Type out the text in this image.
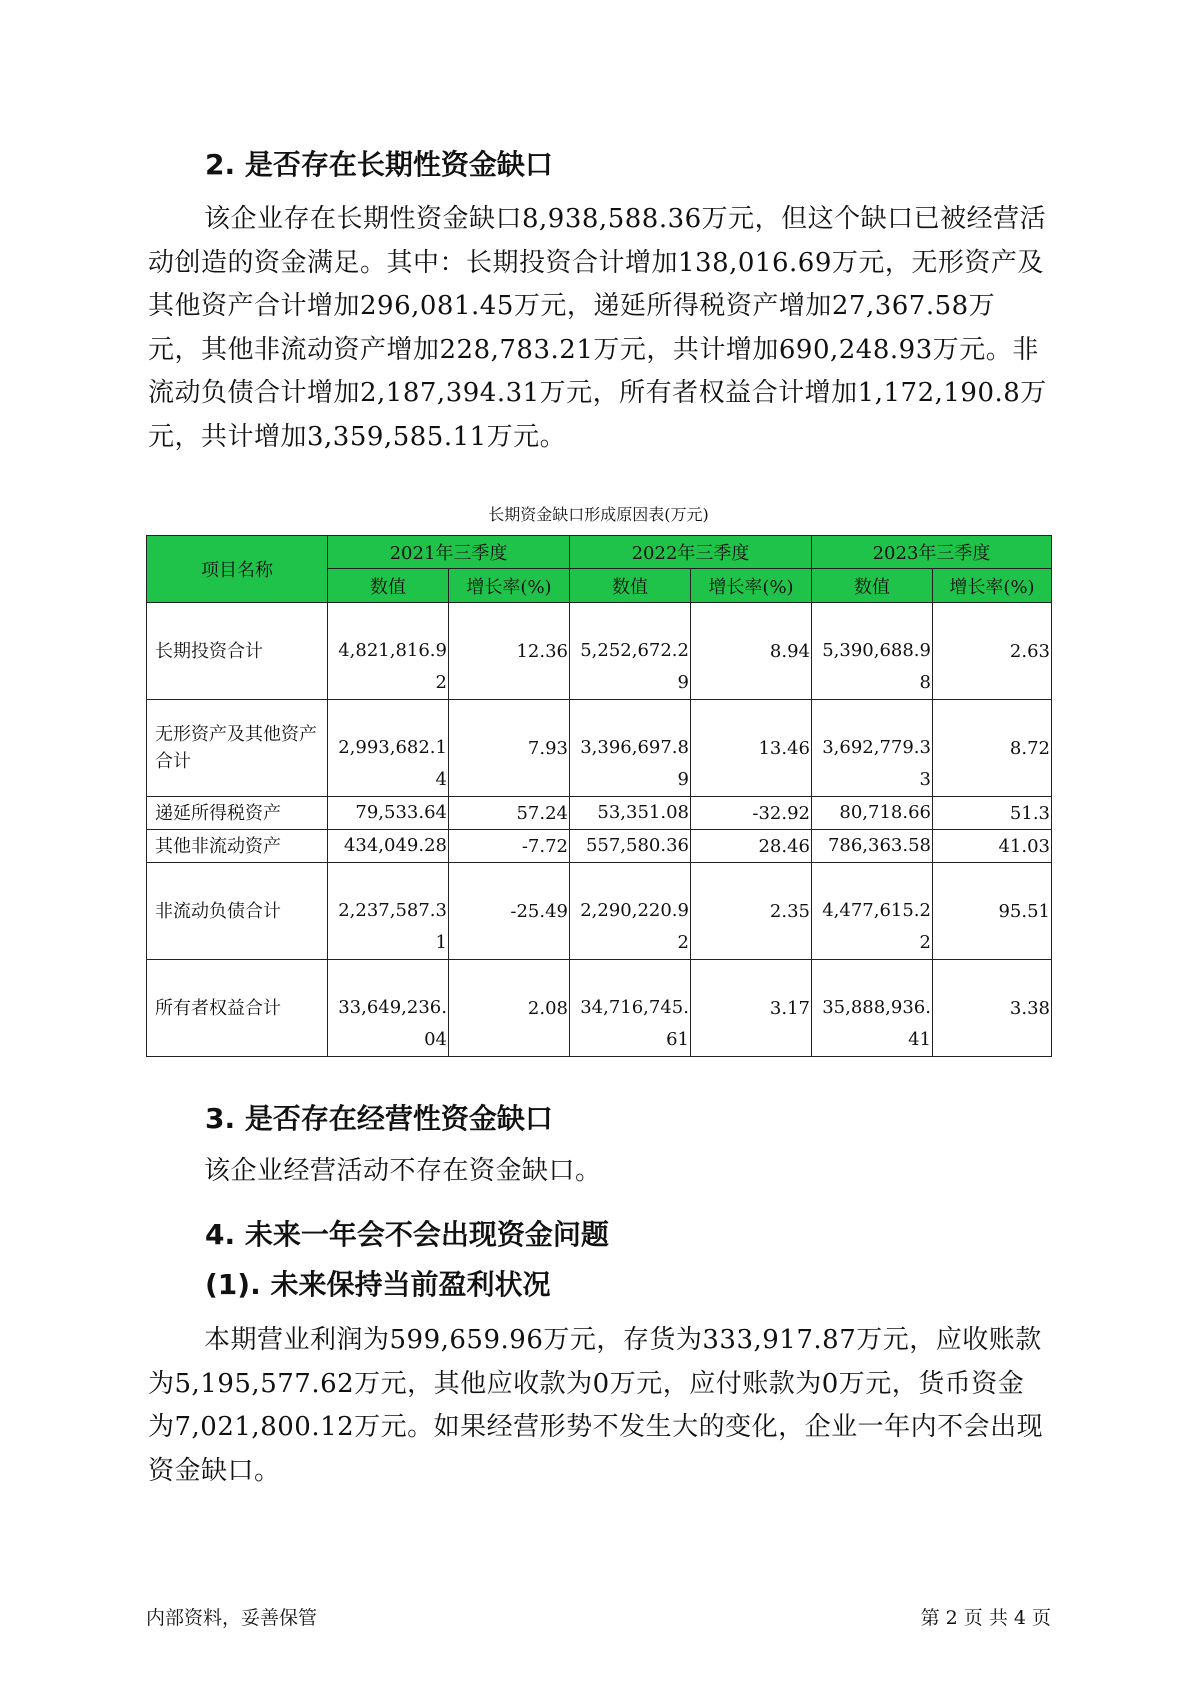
2. 是否存在长期性资金缺口

该企业存在长期性资金缺口8,938,588.36万元，但这个缺口已被经营活动创造的资金满足。其中：长期投资合计增加138,016.69万元，无形资产及其他资产合计增加296,081.45万元，递延所得税资产增加27,367.58万元，其他非流动资产增加228,783.21万元，共计增加690,248.93万元。非流动负债合计增加2,187,394.31万元，所有者权益合计增加1,172,190.8万元，共计增加3,359,585.11万元。

长期资金缺口形成原因表(万元)
项目名称	2021年三季度		2022年三季度		2023年三季度	
	数值	增长率(%)	数值	增长率(%)	数值	增长率(%)
长期投资合计	4,821,816.92	12.36	5,252,672.29	8.94	5,390,688.98	2.63
无形资产及其他资产合计	2,993,682.14	7.93	3,396,697.89	13.46	3,692,779.33	8.72
递延所得税资产	79,533.64	57.24	53,351.08	-32.92	80,718.66	51.3
其他非流动资产	434,049.28	-7.72	557,580.36	28.46	786,363.58	41.03
非流动负债合计	2,237,587.31	-25.49	2,290,220.92	2.35	4,477,615.22	95.51
所有者权益合计	33,649,236.04	2.08	34,716,745.61	3.17	35,888,936.41	3.38
3. 是否存在经营性资金缺口

该企业经营活动不存在资金缺口。

4. 未来一年会不会出现资金问题
(1). 未来保持当前盈利状况

本期营业利润为599,659.96万元，存货为333,917.87万元，应收账款为5,195,577.62万元，其他应收款为0万元，应付账款为0万元，货币资金为7,021,800.12万元。如果经营形势不发生大的变化，企业一年内不会出现资金缺口。

内部资料，妥善保管	第 2 页 共 4 页
